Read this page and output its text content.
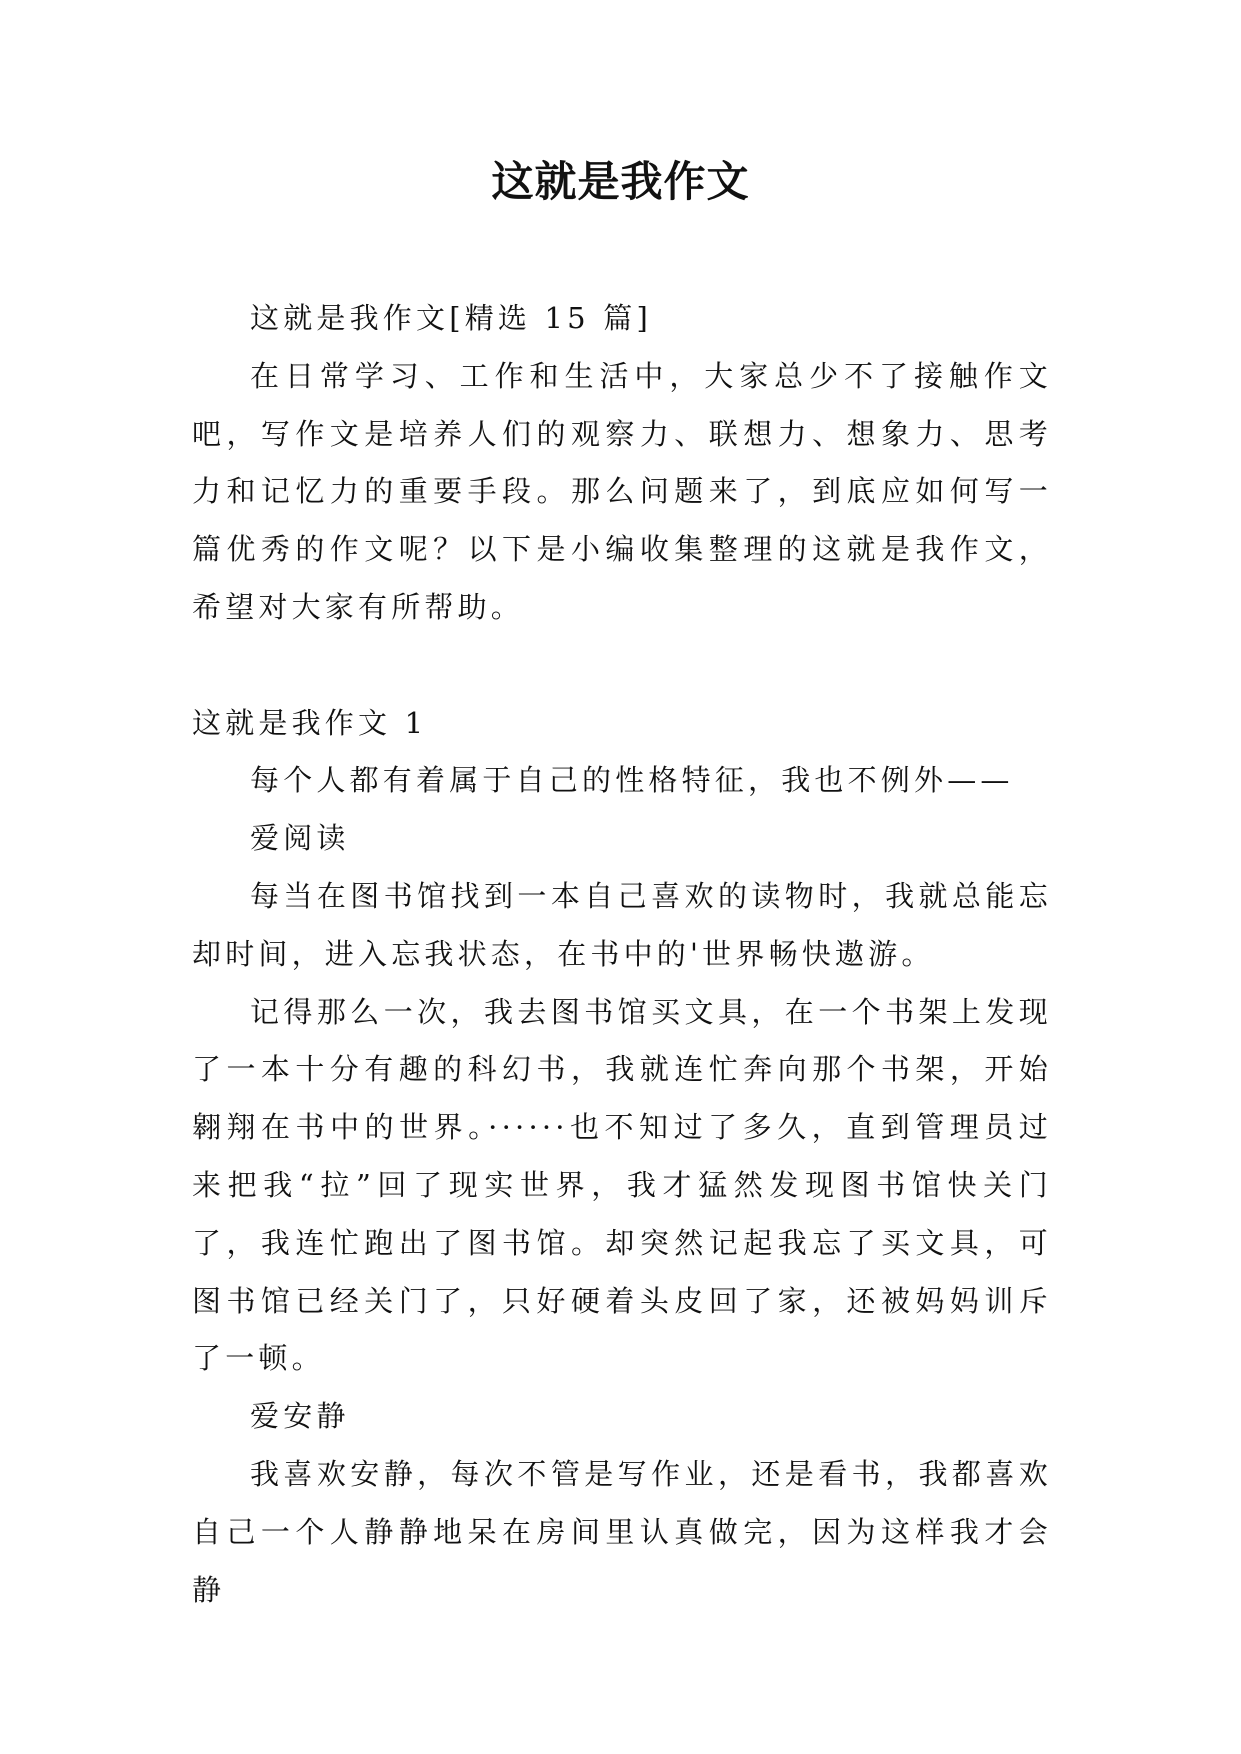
这就是我作文

这就是我作文[精选 15 篇]

在日常学习、工作和生活中，大家总少不了接触作文吧，写作文是培养人们的观察力、联想力、想象力、思考力和记忆力的重要手段。那么问题来了，到底应如何写一篇优秀的作文呢？以下是小编收集整理的这就是我作文，希望对大家有所帮助。

这就是我作文 1

每个人都有着属于自己的性格特征，我也不例外——

爱阅读

每当在图书馆找到一本自己喜欢的读物时，我就总能忘却时间，进入忘我状态，在书中的'世界畅快遨游。

记得那么一次，我去图书馆买文具，在一个书架上发现了一本十分有趣的科幻书，我就连忙奔向那个书架，开始翱翔在书中的世界。······也不知过了多久，直到管理员过来把我“拉”回了现实世界，我才猛然发现图书馆快关门了，我连忙跑出了图书馆。却突然记起我忘了买文具，可图书馆已经关门了，只好硬着头皮回了家，还被妈妈训斥了一顿。

爱安静

我喜欢安静，每次不管是写作业，还是看书，我都喜欢自己一个人静静地呆在房间里认真做完，因为这样我才会静
